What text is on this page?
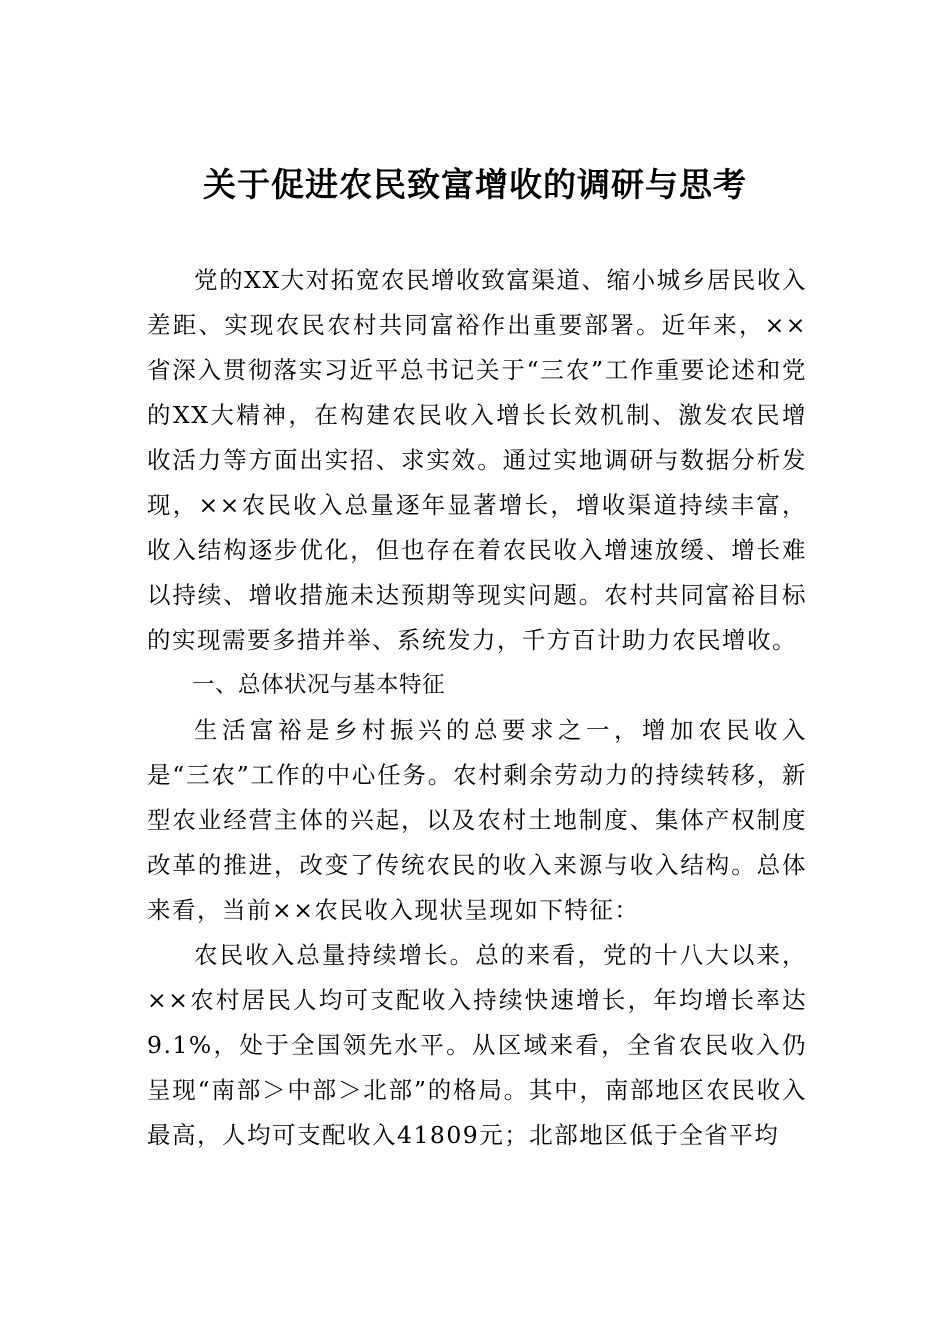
关于促进农民致富增收的调研与思考

党的XX大对拓宽农民增收致富渠道、缩小城乡居民收入差距、实现农民农村共同富裕作出重要部署。近年来，××省深入贯彻落实习近平总书记关于“三农”工作重要论述和党的XX大精神，在构建农民收入增长长效机制、激发农民增收活力等方面出实招、求实效。通过实地调研与数据分析发现，××农民收入总量逐年显著增长，增收渠道持续丰富，收入结构逐步优化，但也存在着农民收入增速放缓、增长难以持续、增收措施未达预期等现实问题。农村共同富裕目标的实现需要多措并举、系统发力，千方百计助力农民增收。

一、总体状况与基本特征

生活富裕是乡村振兴的总要求之一，增加农民收入是“三农”工作的中心任务。农村剩余劳动力的持续转移，新型农业经营主体的兴起，以及农村土地制度、集体产权制度改革的推进，改变了传统农民的收入来源与收入结构。总体来看，当前××农民收入现状呈现如下特征：

农民收入总量持续增长。总的来看，党的十八大以来，××农村居民人均可支配收入持续快速增长，年均增长率达9.1%，处于全国领先水平。从区域来看，全省农民收入仍呈现“南部＞中部＞北部”的格局。其中，南部地区农民收入最高，人均可支配收入41809元；北部地区低于全省平均
